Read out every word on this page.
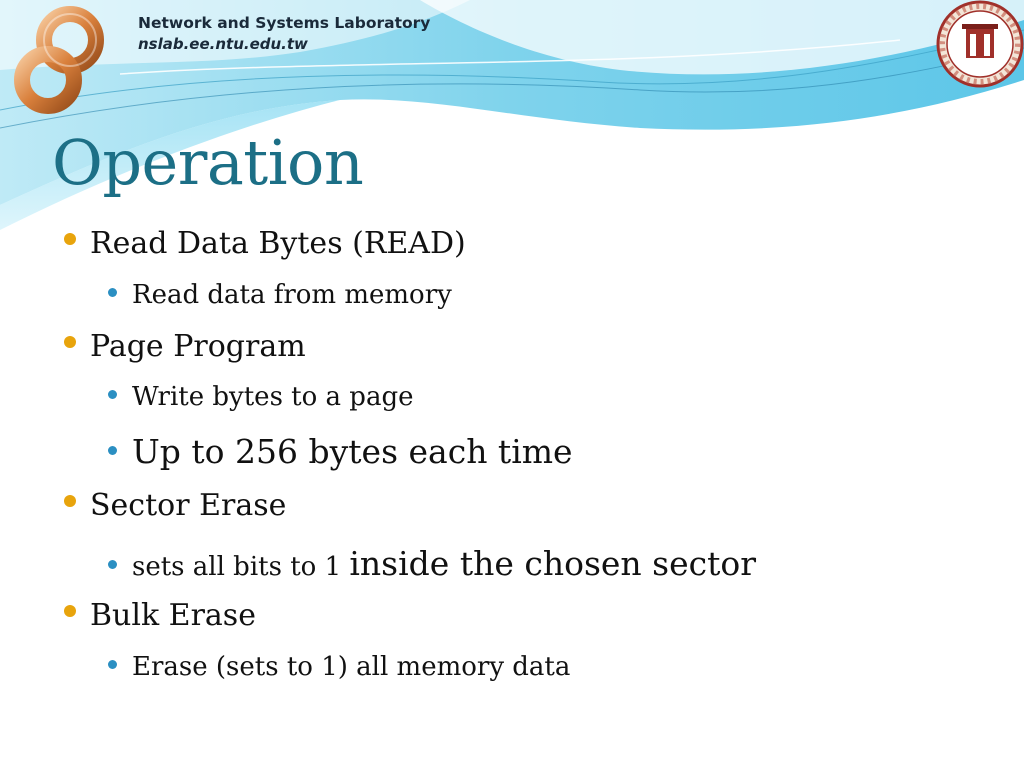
Network and Systems Laboratory
nslab.ee.ntu.edu.tw
Operation
Read Data Bytes (READ)
Read data from memory
Page Program
Write bytes to a page
Up to 256 bytes each time
Sector Erase
sets all bits to 1 inside the chosen sector
Bulk Erase
Erase (sets to 1) all memory data
